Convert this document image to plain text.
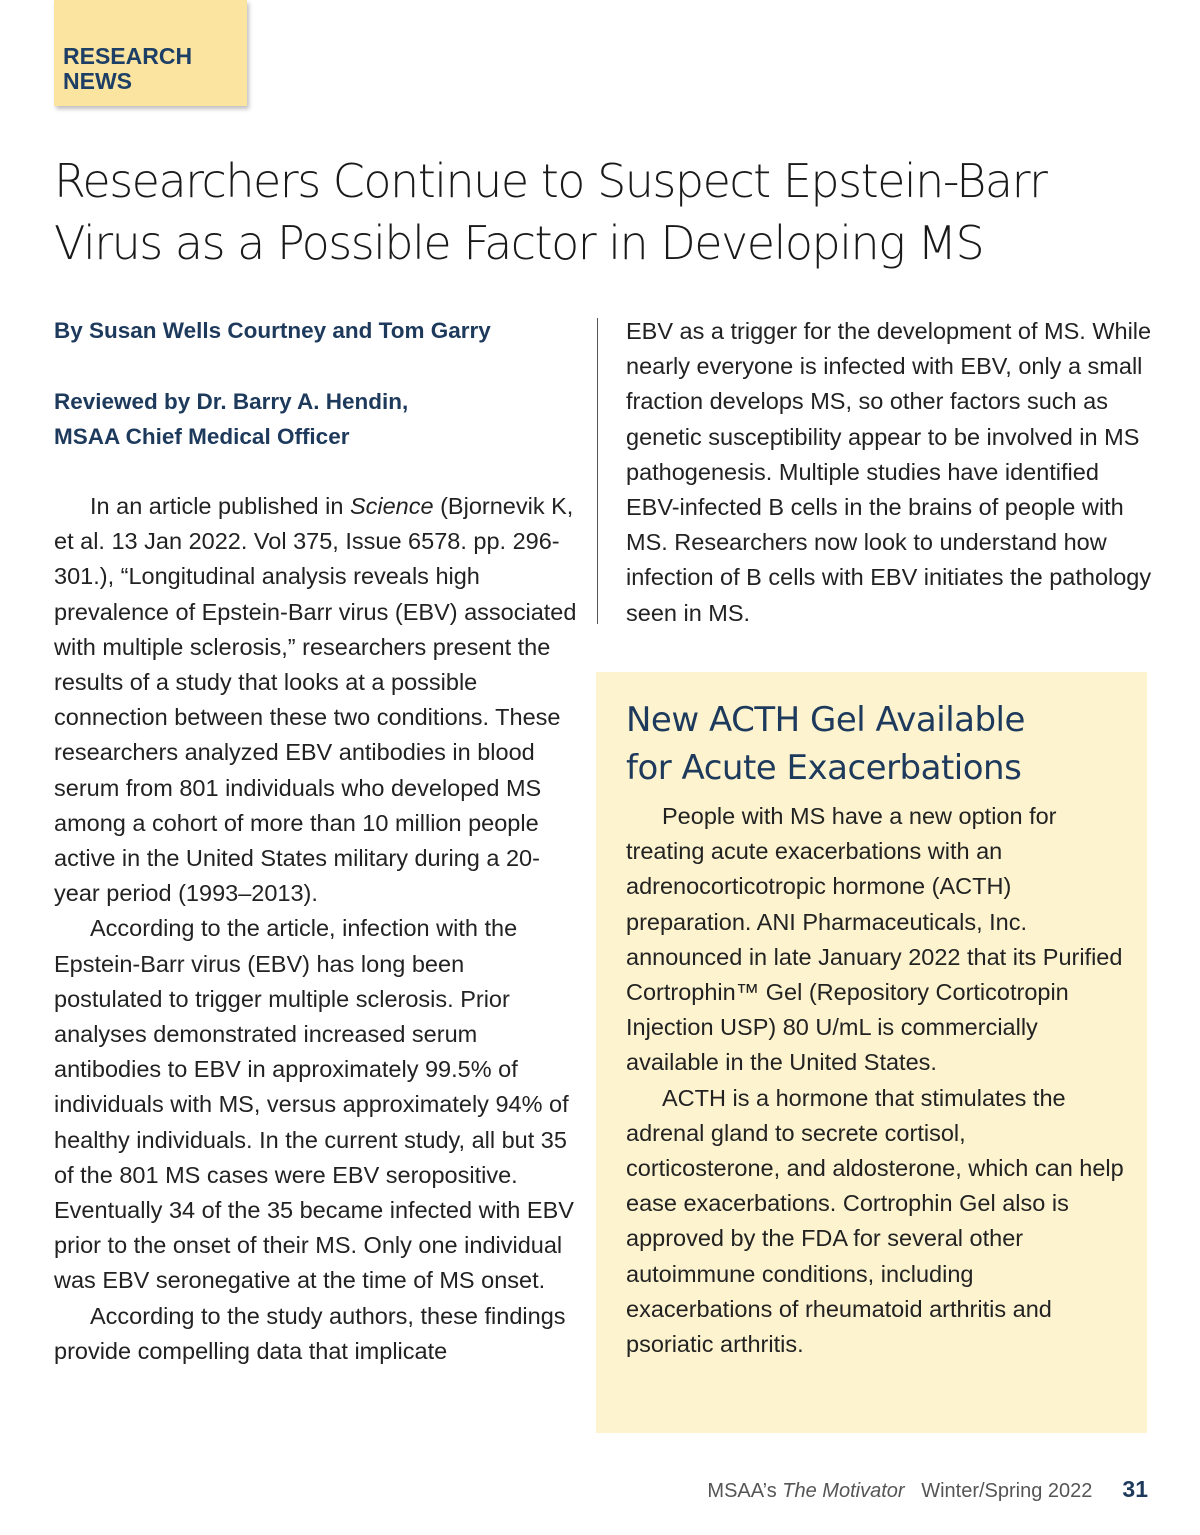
RESEARCH NEWS
Researchers Continue to Suspect Epstein-Barr Virus as a Possible Factor in Developing MS

By Susan Wells Courtney and Tom Garry

Reviewed by Dr. Barry A. Hendin,
MSAA Chief Medical Officer

In an article published in Science (Bjornevik K, et al. 13 Jan 2022. Vol 375, Issue 6578. pp. 296-301.), “Longitudinal analysis reveals high prevalence of Epstein-Barr virus (EBV) associated with multiple sclerosis,” researchers present the results of a study that looks at a possible connection between these two conditions. These researchers analyzed EBV antibodies in blood serum from 801 individuals who developed MS among a cohort of more than 10 million people active in the United States military during a 20-year period (1993–2013).

According to the article, infection with the Epstein-Barr virus (EBV) has long been postulated to trigger multiple sclerosis. Prior analyses demonstrated increased serum antibodies to EBV in approximately 99.5% of individuals with MS, versus approximately 94% of healthy individuals. In the current study, all but 35 of the 801 MS cases were EBV seropositive. Eventually 34 of the 35 became infected with EBV prior to the onset of their MS. Only one individual was EBV seronegative at the time of MS onset.

According to the study authors, these findings provide compelling data that implicate

EBV as a trigger for the development of MS. While nearly everyone is infected with EBV, only a small fraction develops MS, so other factors such as genetic susceptibility appear to be involved in MS pathogenesis. Multiple studies have identified EBV-infected B cells in the brains of people with MS. Researchers now look to understand how infection of B cells with EBV initiates the pathology seen in MS.

New ACTH Gel Available
for Acute Exacerbations

People with MS have a new option for treating acute exacerbations with an adrenocorticotropic hormone (ACTH) preparation. ANI Pharmaceuticals, Inc. announced in late January 2022 that its Purified Cortrophin™ Gel (Repository Corticotropin Injection USP) 80 U/mL is commercially available in the United States.

ACTH is a hormone that stimulates the adrenal gland to secrete cortisol, corticosterone, and aldosterone, which can help ease exacerbations. Cortrophin Gel also is approved by the FDA for several other autoimmune conditions, including exacerbations of rheumatoid arthritis and psoriatic arthritis.

MSAA’s The Motivator Winter/Spring 2022 31
